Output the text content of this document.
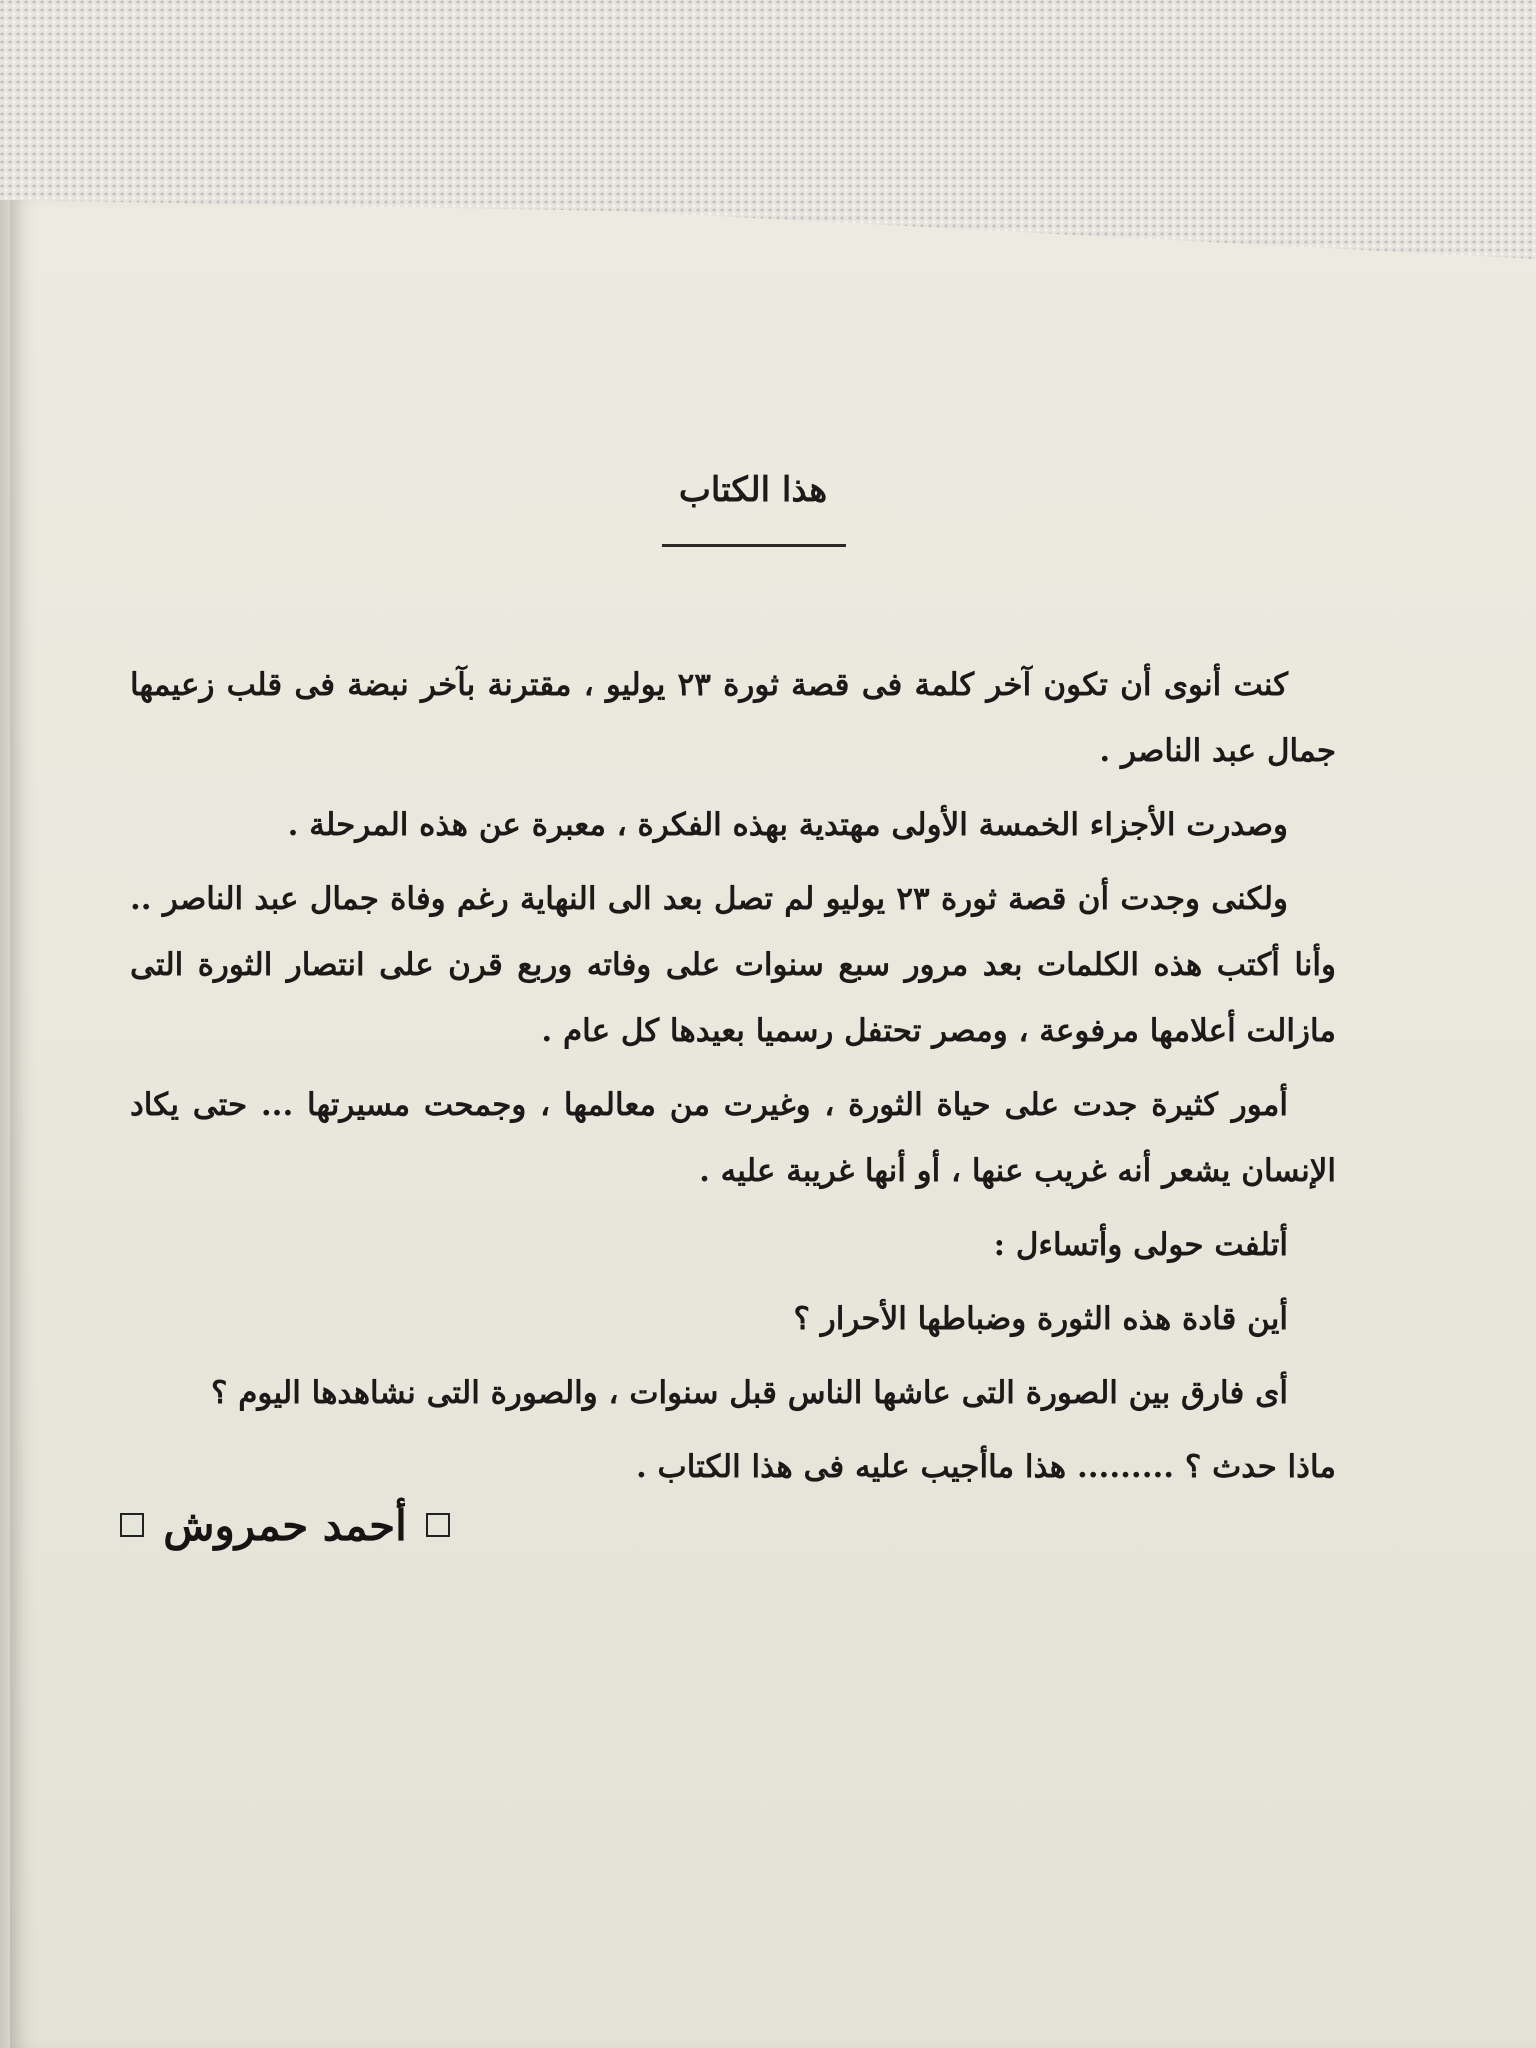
هذا الكتاب

كنت أنوى أن تكون آخر كلمة فى قصة ثورة ٢٣ يوليو ، مقترنة بآخر نبضة فى قلب زعيمها جمال عبد الناصر .

وصدرت الأجزاء الخمسة الأولى مهتدية بهذه الفكرة ، معبرة عن هذه المرحلة .

ولكنى وجدت أن قصة ثورة ٢٣ يوليو لم تصل بعد الى النهاية رغم وفاة جمال عبد الناصر .. وأنا أكتب هذه الكلمات بعد مرور سبع سنوات على وفاته وربع قرن على انتصار الثورة التى مازالت أعلامها مرفوعة ، ومصر تحتفل رسميا بعيدها كل عام .

أمور كثيرة جدت على حياة الثورة ، وغيرت من معالمها ، وجمحت مسيرتها ... حتى يكاد الإنسان يشعر أنه غريب عنها ، أو أنها غريبة عليه .

أتلفت حولى وأتساءل :

أين قادة هذه الثورة وضباطها الأحرار ؟

أى فارق بين الصورة التى عاشها الناس قبل سنوات ، والصورة التى نشاهدها اليوم ؟

ماذا حدث ؟ ......... هذا ماأجيب عليه فى هذا الكتاب .

أحمد حمروش
